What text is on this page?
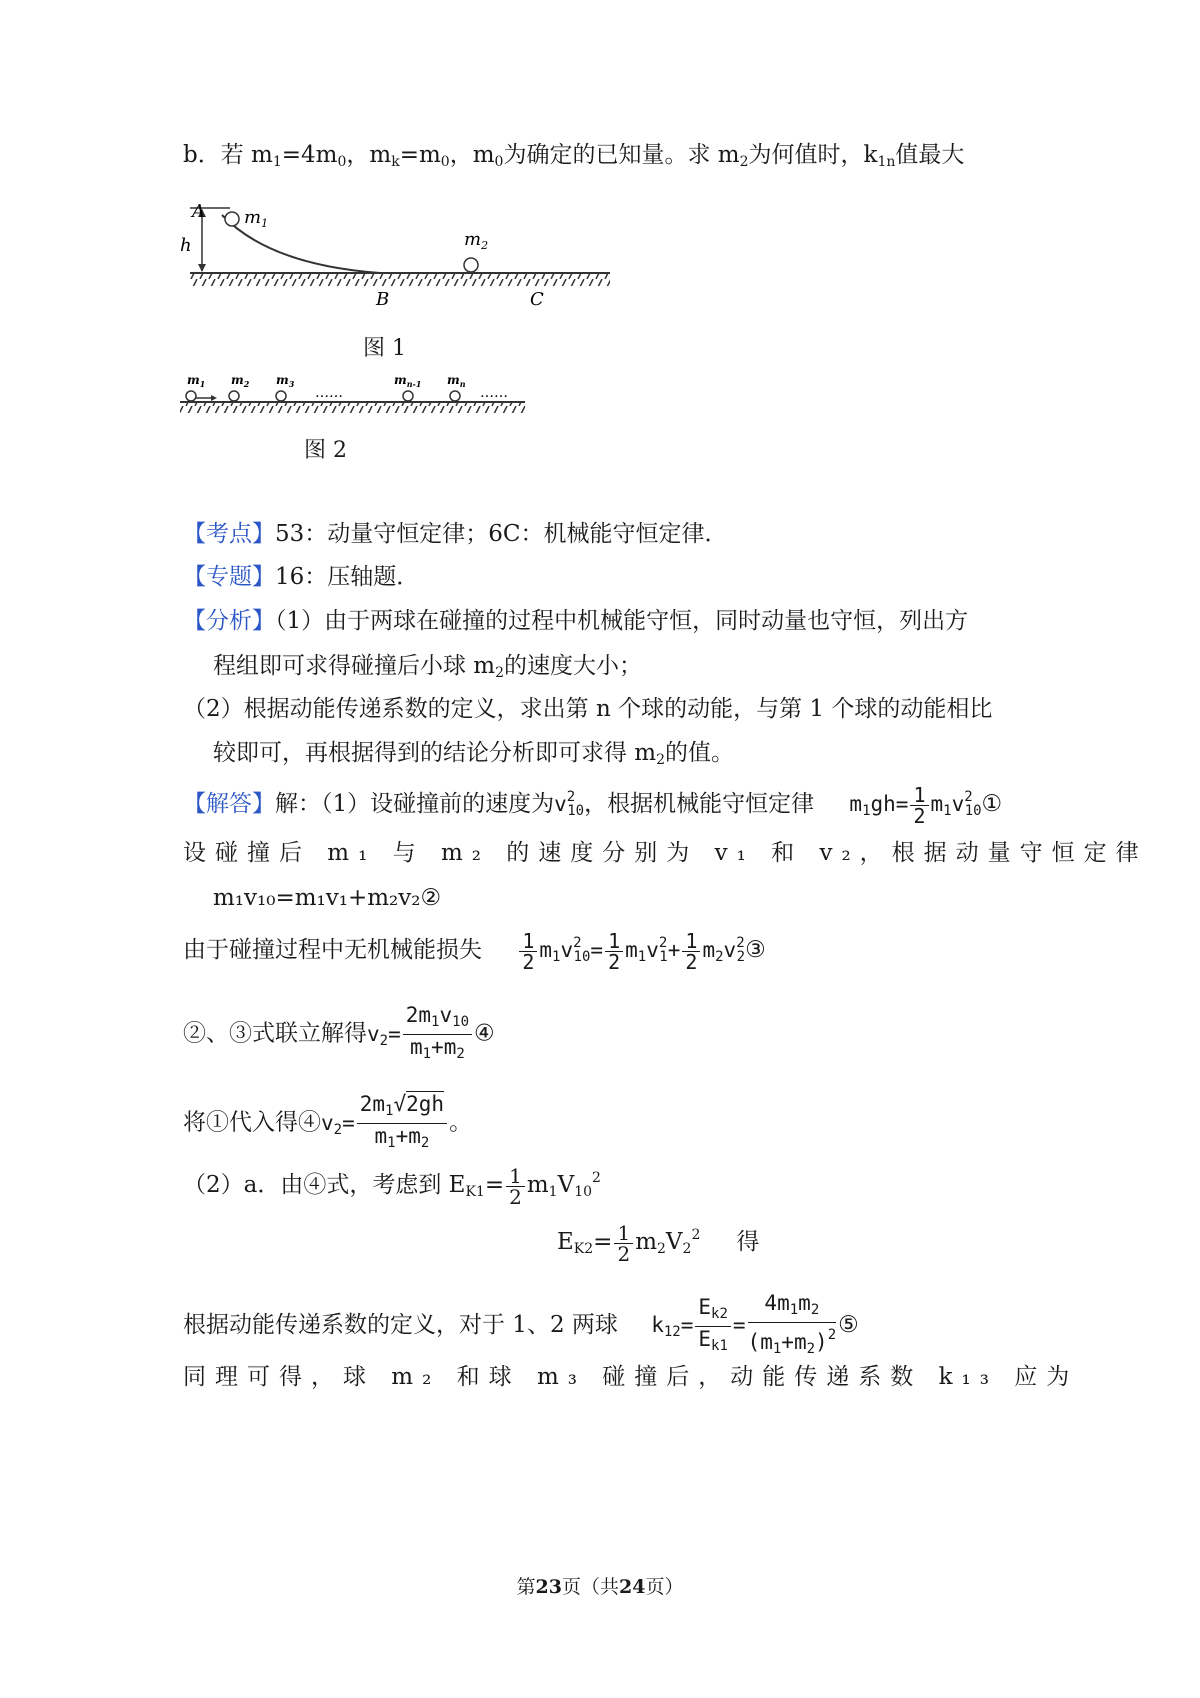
b．若 $m_1=4m_0$，$m_k=m_0$，$m_0$为确定的已知量。求 $m_2$为何值时，$k_{1n}$值最大
A $m_1$
h	$m_2$
B	C
图 1
$m_1$ $m_2$ $m_3$	$m_{n-1}$ $m_n$
……	……
图 2
【考点】53：动量守恒定律；6C：机械能守恒定律．
【专题】16：压轴题．
【分析】（1）由于两球在碰撞的过程中机械能守恒，同时动量也守恒，列出方
程组即可求得碰撞后小球 $m_2$的速度大小；
（2）根据动能传递系数的定义，求出第 n 个球的动能，与第 1 个球的动能相比
较即可，再根据得到的结论分析即可求得 $m_2$的值。
【解答】解：（1）设碰撞前的速度为$v^2_{10}$，根据机械能守恒定律 $m_1gh= \frac{1}{2}$ $m_1v^2_{10}①$
设碰撞后 m₁ 与 m₂ 的速度分别为 v₁ 和 v₂，根据动量守恒定律
m₁v₁₀=m₁v₁+m₂v₂②
由于碰撞过程中无机械能损失 $\frac{1}{2} m_1v^2_{10}= \frac{1}{2} m_1v^2_1+ \frac{1}{2}$ $m_2v^2_2③$
②、③式联立解得$v_2= \frac{2m_1v_{10}}{m_1+m_2}$ ④
将①代入得$④v_2= \frac{2m_1√2gh}{m_1+m_2}$ 。
（2）a．由④式，考虑到 $E_{K1}= \frac{1}{2} m_1V_{10}^2$
$E_{K2}= \frac{1}{2} m_2V_2^2$ 得
根据动能传递系数的定义，对于 1、2 两球 $k_{12}= \frac{E_{k2}}{E_{k1}} = \frac{4m_1m_2}{(m_1+m_2)^2}$ ⑤
同理可得，球 m₂ 和球 m₃ 碰撞后，动能传递系数 k₁₃ 应为
第23页（共24页）
